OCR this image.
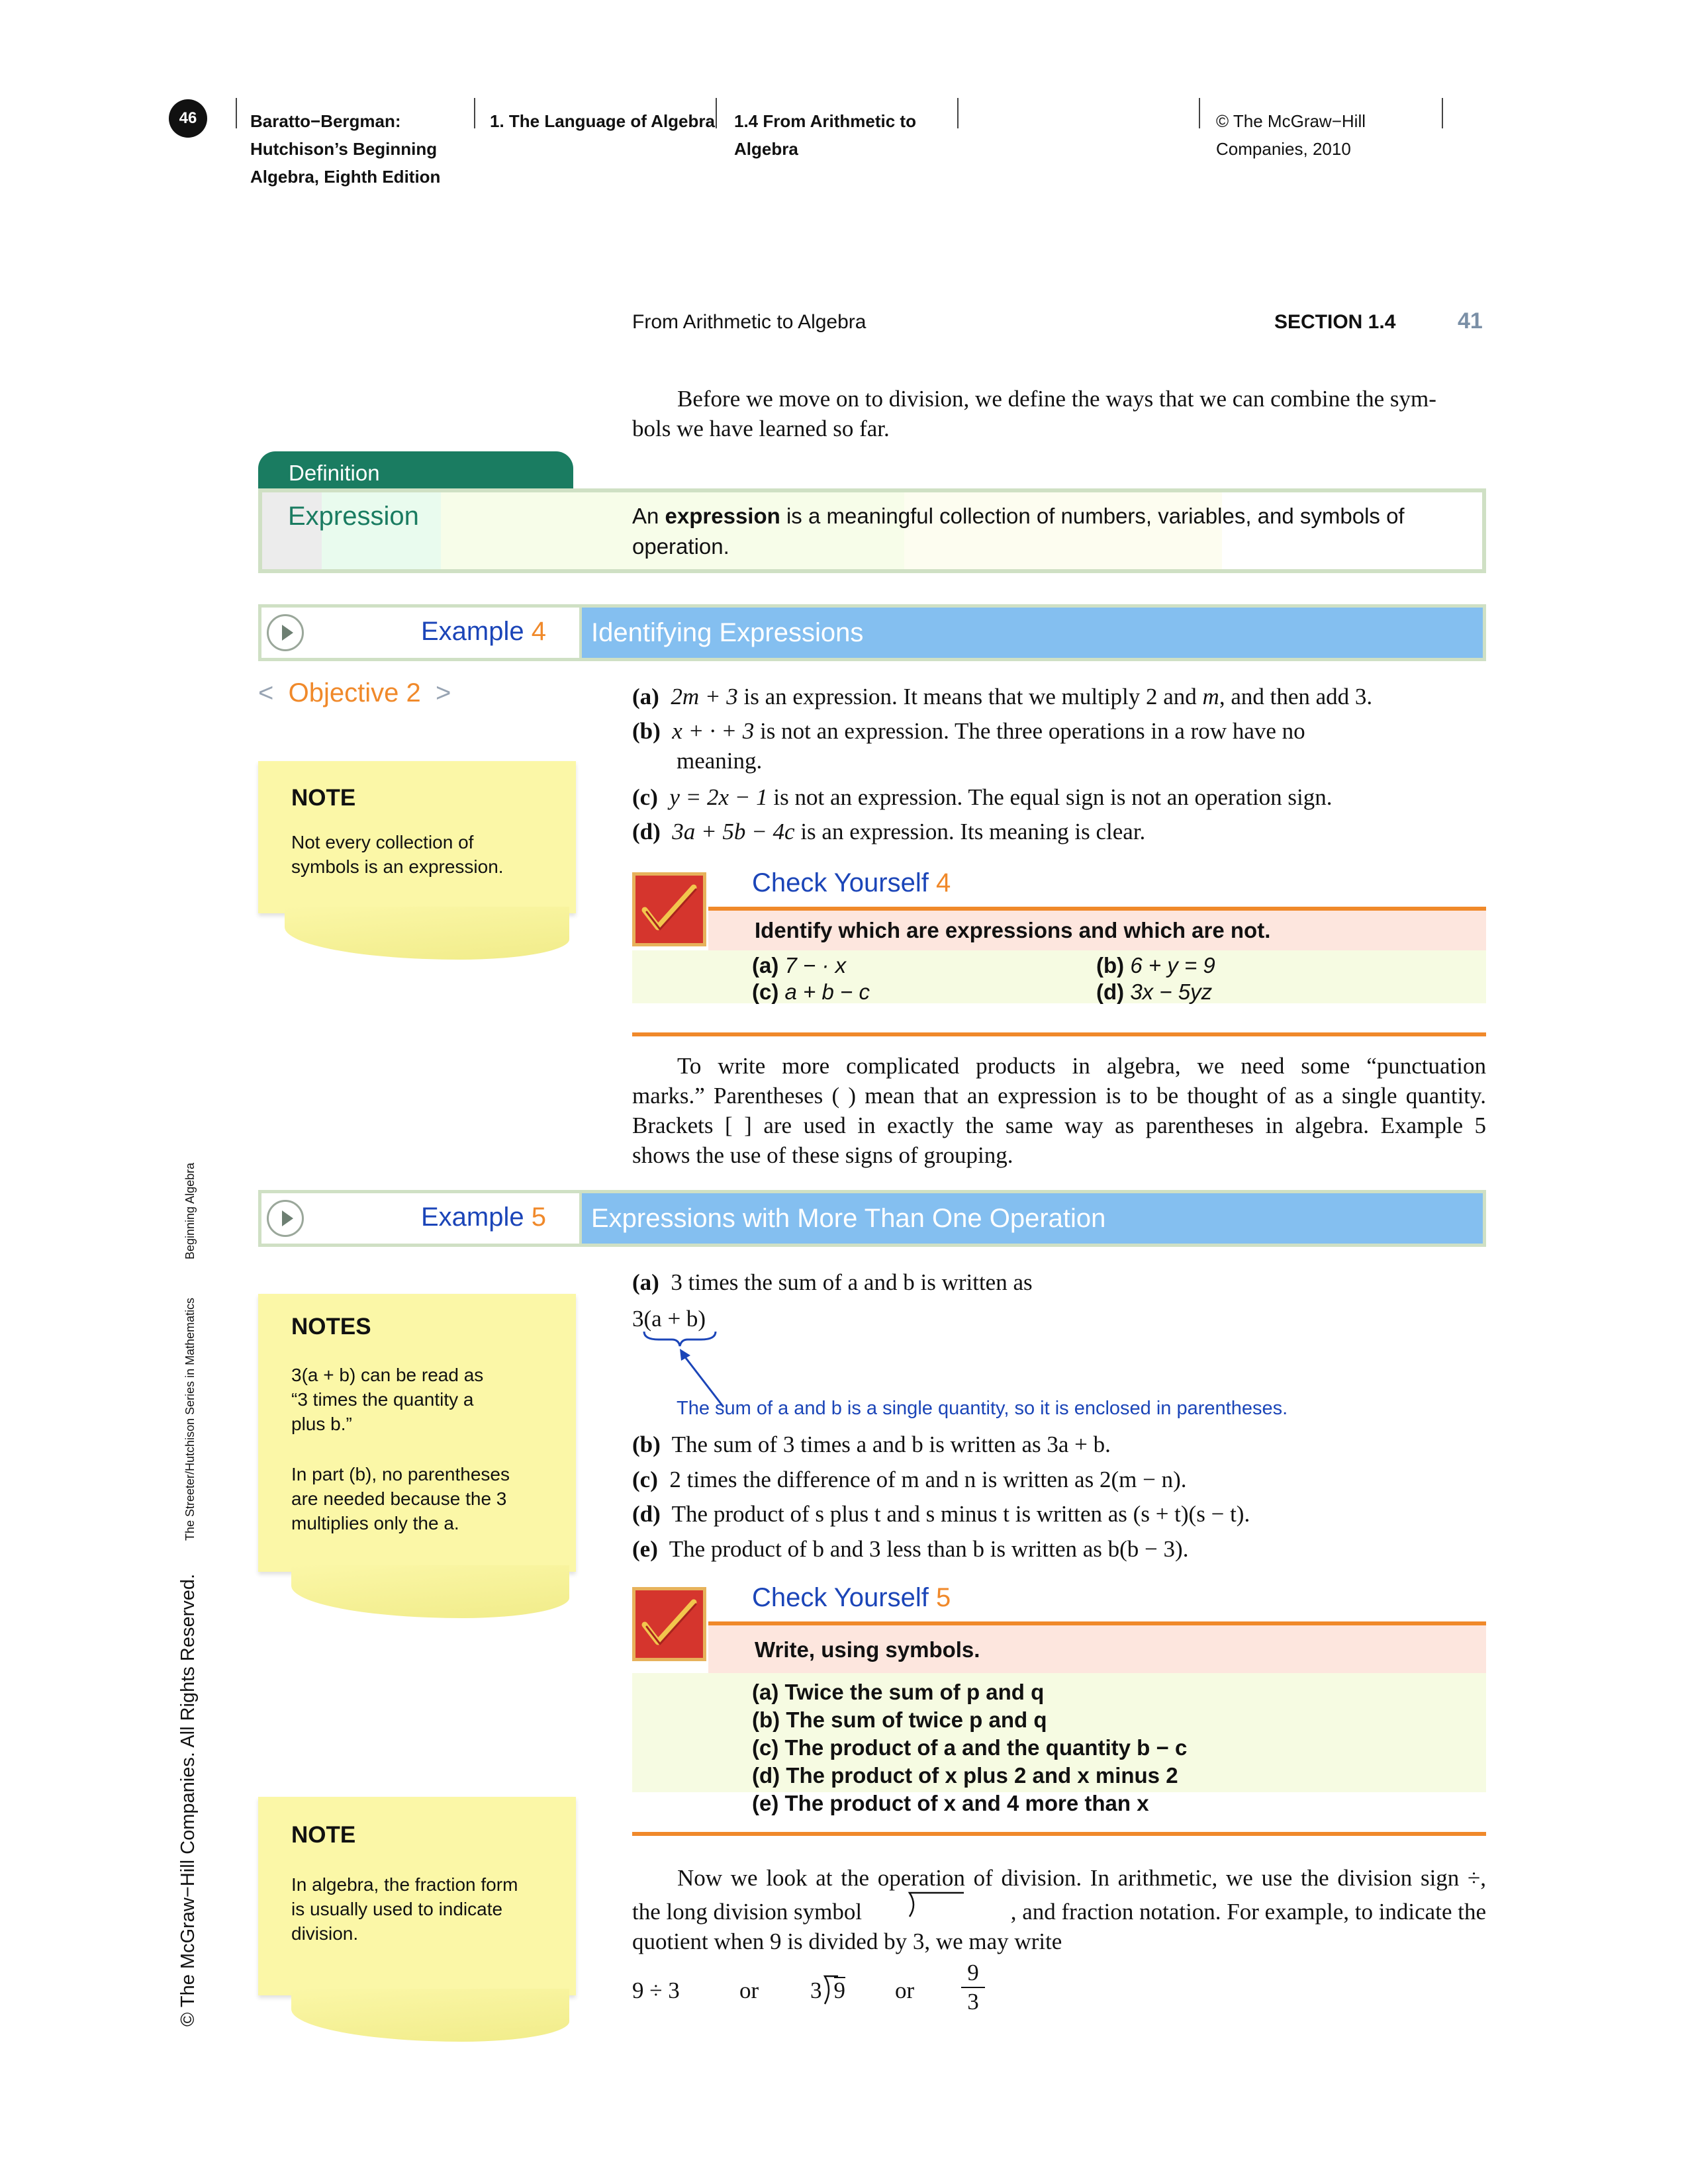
46	Baratto−Bergman:
Hutchison’s Beginning
Algebra, Eighth Edition
1. The Language of Algebra 1.4 From Arithmetic to
Algebra
© The McGraw−Hill
Companies, 2010
From Arithmetic to Algebra	SECTION 1.4	41
Before we move on to division, we define the ways that we can combine the sym-
bols we have learned so far.
Definition
Expression	An expression is a meaningful collection of numbers, variables, and symbols of operation.
Example 4 Identifying Expressions
< Objective 2 >
NOTE
Not every collection of
symbols is an expression.
(a) 2m + 3 is an expression. It means that we multiply 2 and m, and then add 3.
(b) x + · + 3 is not an expression. The three operations in a row have no
meaning.
(c) y = 2x − 1 is not an expression. The equal sign is not an operation sign.
(d) 3a + 5b − 4c is an expression. Its meaning is clear.
Check Yourself 4
Identify which are expressions and which are not.
(a) 7 − · x	(b) 6 + y = 9
(c) a + b − c	(d) 3x − 5yz
To write more complicated products in algebra, we need some “punctuation
marks.” Parentheses ( ) mean that an expression is to be thought of as a single quantity.
Brackets [ ] are used in exactly the same way as parentheses in algebra. Example 5
shows the use of these signs of grouping.
Example 5 Expressions with More Than One Operation
NOTES
3(a + b) can be read as
“3 times the quantity a
plus b.”
In part (b), no parentheses
are needed because the 3
multiplies only the a.
(a) 3 times the sum of a and b is written as
3(a + b)
The sum of a and b is a single quantity, so it is enclosed in parentheses.
(b) The sum of 3 times a and b is written as 3a + b.
(c) 2 times the difference of m and n is written as 2(m − n).
(d) The product of s plus t and s minus t is written as (s + t)(s − t).
(e) The product of b and 3 less than b is written as b(b − 3).
Check Yourself 5
Write, using symbols.
(a) Twice the sum of p and q
(b) The sum of twice p and q
(c) The product of a and the quantity b − c
(d) The product of x plus 2 and x minus 2
(e) The product of x and 4 more than x
NOTE
In algebra, the fraction form
is usually used to indicate
division.
Now we look at the operation of division. In arithmetic, we use the division sign ÷,
the long division symbol	, and fraction notation. For example, to indicate the
quotient when 9 is divided by 3, we may write
9 ÷ 3	or 3 9 or $\frac{9}{3}$
© The McGraw−Hill Companies. All Rights Reserved.
The Streeter/Hutchison Series in Mathematics
Beginning Algebra
